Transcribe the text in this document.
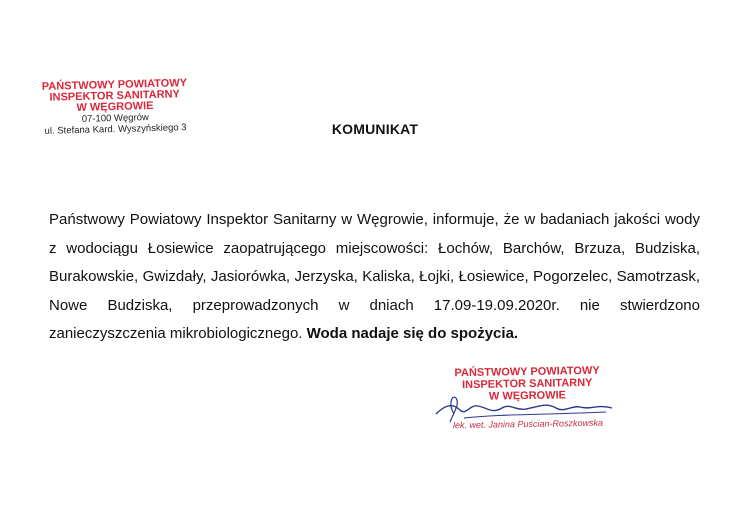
PAŃSTWOWY POWIATOWY
INSPEKTOR SANITARNY
W WĘGROWIE
07-100 Węgrów
ul. Stefana Kard. Wyszyńskiego 3	KOMUNIKAT
Państwowy Powiatowy Inspektor Sanitarny w Węgrowie, informuje, że w badaniach jakości wody z wodociągu Łosiewice zaopatrującego miejscowości: Łochów, Barchów, Brzuza, Budziska, Burakowskie, Gwizdały, Jasiorówka, Jerzyska, Kaliska, Łojki, Łosiewice, Pogorzelec, Samotrzask, Nowe Budziska, przeprowadzonych w dniach 17.09-19.09.2020r. nie stwierdzono zanieczyszczenia mikrobiologicznego. Woda nadaje się do spożycia.
PAŃSTWOWY POWIATOWY
INSPEKTOR SANITARNY
W WĘGROWIE
lek. wet. Janina Puścian-Roszkowska
